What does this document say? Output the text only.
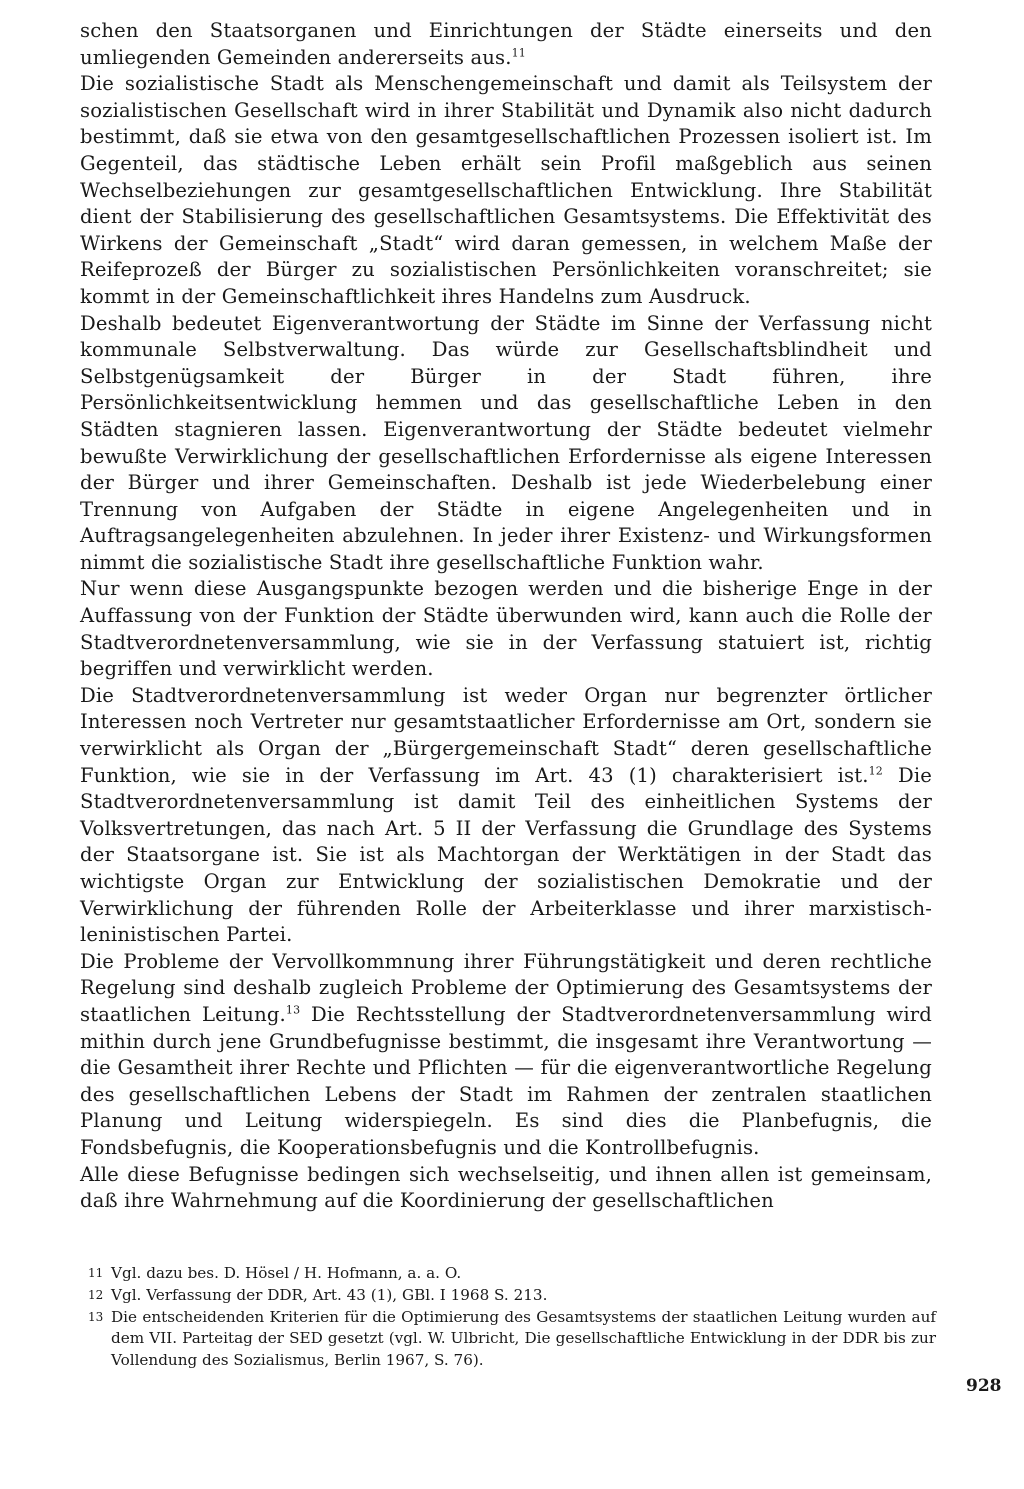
schen den Staatsorganen und Einrichtungen der Städte einerseits und den umliegenden Gemeinden andererseits aus.$^{11}$

Die sozialistische Stadt als Menschengemeinschaft und damit als Teilsystem der sozialistischen Gesellschaft wird in ihrer Stabilität und Dynamik also nicht dadurch bestimmt, daß sie etwa von den gesamtgesellschaftlichen Prozessen isoliert ist. Im Gegenteil, das städtische Leben erhält sein Profil maßgeblich aus seinen Wechselbeziehungen zur gesamtgesellschaftlichen Entwicklung. Ihre Stabilität dient der Stabilisierung des gesellschaftlichen Gesamtsystems. Die Effektivität des Wirkens der Gemeinschaft „Stadt“ wird daran gemessen, in welchem Maße der Reifeprozeß der Bürger zu sozialistischen Persönlichkeiten voranschreitet; sie kommt in der Gemeinschaftlichkeit ihres Handelns zum Ausdruck.

Deshalb bedeutet Eigenverantwortung der Städte im Sinne der Verfassung nicht kommunale Selbstverwaltung. Das würde zur Gesellschaftsblindheit und Selbstgenügsamkeit der Bürger in der Stadt führen, ihre Persönlichkeitsentwicklung hemmen und das gesellschaftliche Leben in den Städten stagnieren lassen. Eigenverantwortung der Städte bedeutet vielmehr bewußte Verwirklichung der gesellschaftlichen Erfordernisse als eigene Interessen der Bürger und ihrer Gemeinschaften. Deshalb ist jede Wiederbelebung einer Trennung von Aufgaben der Städte in eigene Angelegenheiten und in Auftragsangelegenheiten abzulehnen. In jeder ihrer Existenz- und Wirkungsformen nimmt die sozialistische Stadt ihre gesellschaftliche Funktion wahr.

Nur wenn diese Ausgangspunkte bezogen werden und die bisherige Enge in der Auffassung von der Funktion der Städte überwunden wird, kann auch die Rolle der Stadtverordnetenversammlung, wie sie in der Verfassung statuiert ist, richtig begriffen und verwirklicht werden.

Die Stadtverordnetenversammlung ist weder Organ nur begrenzter örtlicher Interessen noch Vertreter nur gesamtstaatlicher Erfordernisse am Ort, sondern sie verwirklicht als Organ der „Bürgergemeinschaft Stadt“ deren gesellschaftliche Funktion, wie sie in der Verfassung im Art. 43 (1) charakterisiert ist.$^{12}$ Die Stadtverordnetenversammlung ist damit Teil des einheitlichen Systems der Volksvertretungen, das nach Art. 5 II der Verfassung die Grundlage des Systems der Staatsorgane ist. Sie ist als Machtorgan der Werktätigen in der Stadt das wichtigste Organ zur Entwicklung der sozialistischen Demokratie und der Verwirklichung der führenden Rolle der Arbeiterklasse und ihrer marxistisch-leninistischen Partei.

Die Probleme der Vervollkommnung ihrer Führungstätigkeit und deren rechtliche Regelung sind deshalb zugleich Probleme der Optimierung des Gesamtsystems der staatlichen Leitung.$^{13}$ Die Rechtsstellung der Stadtverordnetenversammlung wird mithin durch jene Grundbefugnisse bestimmt, die insgesamt ihre Verantwortung — die Gesamtheit ihrer Rechte und Pflichten — für die eigenverantwortliche Regelung des gesellschaftlichen Lebens der Stadt im Rahmen der zentralen staatlichen Planung und Leitung widerspiegeln. Es sind dies die Planbefugnis, die Fondsbefugnis, die Kooperationsbefugnis und die Kontrollbefugnis.

Alle diese Befugnisse bedingen sich wechselseitig, und ihnen allen ist gemeinsam, daß ihre Wahrnehmung auf die Koordinierung der gesellschaftlichen

11 Vgl. dazu bes. D. Hösel / H. Hofmann, a. a. O.
12 Vgl. Verfassung der DDR, Art. 43 (1), GBl. I 1968 S. 213.
13 Die entscheidenden Kriterien für die Optimierung des Gesamtsystems der staatlichen Leitung wurden auf dem VII. Parteitag der SED gesetzt (vgl. W. Ulbricht, Die gesellschaftliche Entwicklung in der DDR bis zur Vollendung des Sozialismus, Berlin 1967, S. 76).
928
